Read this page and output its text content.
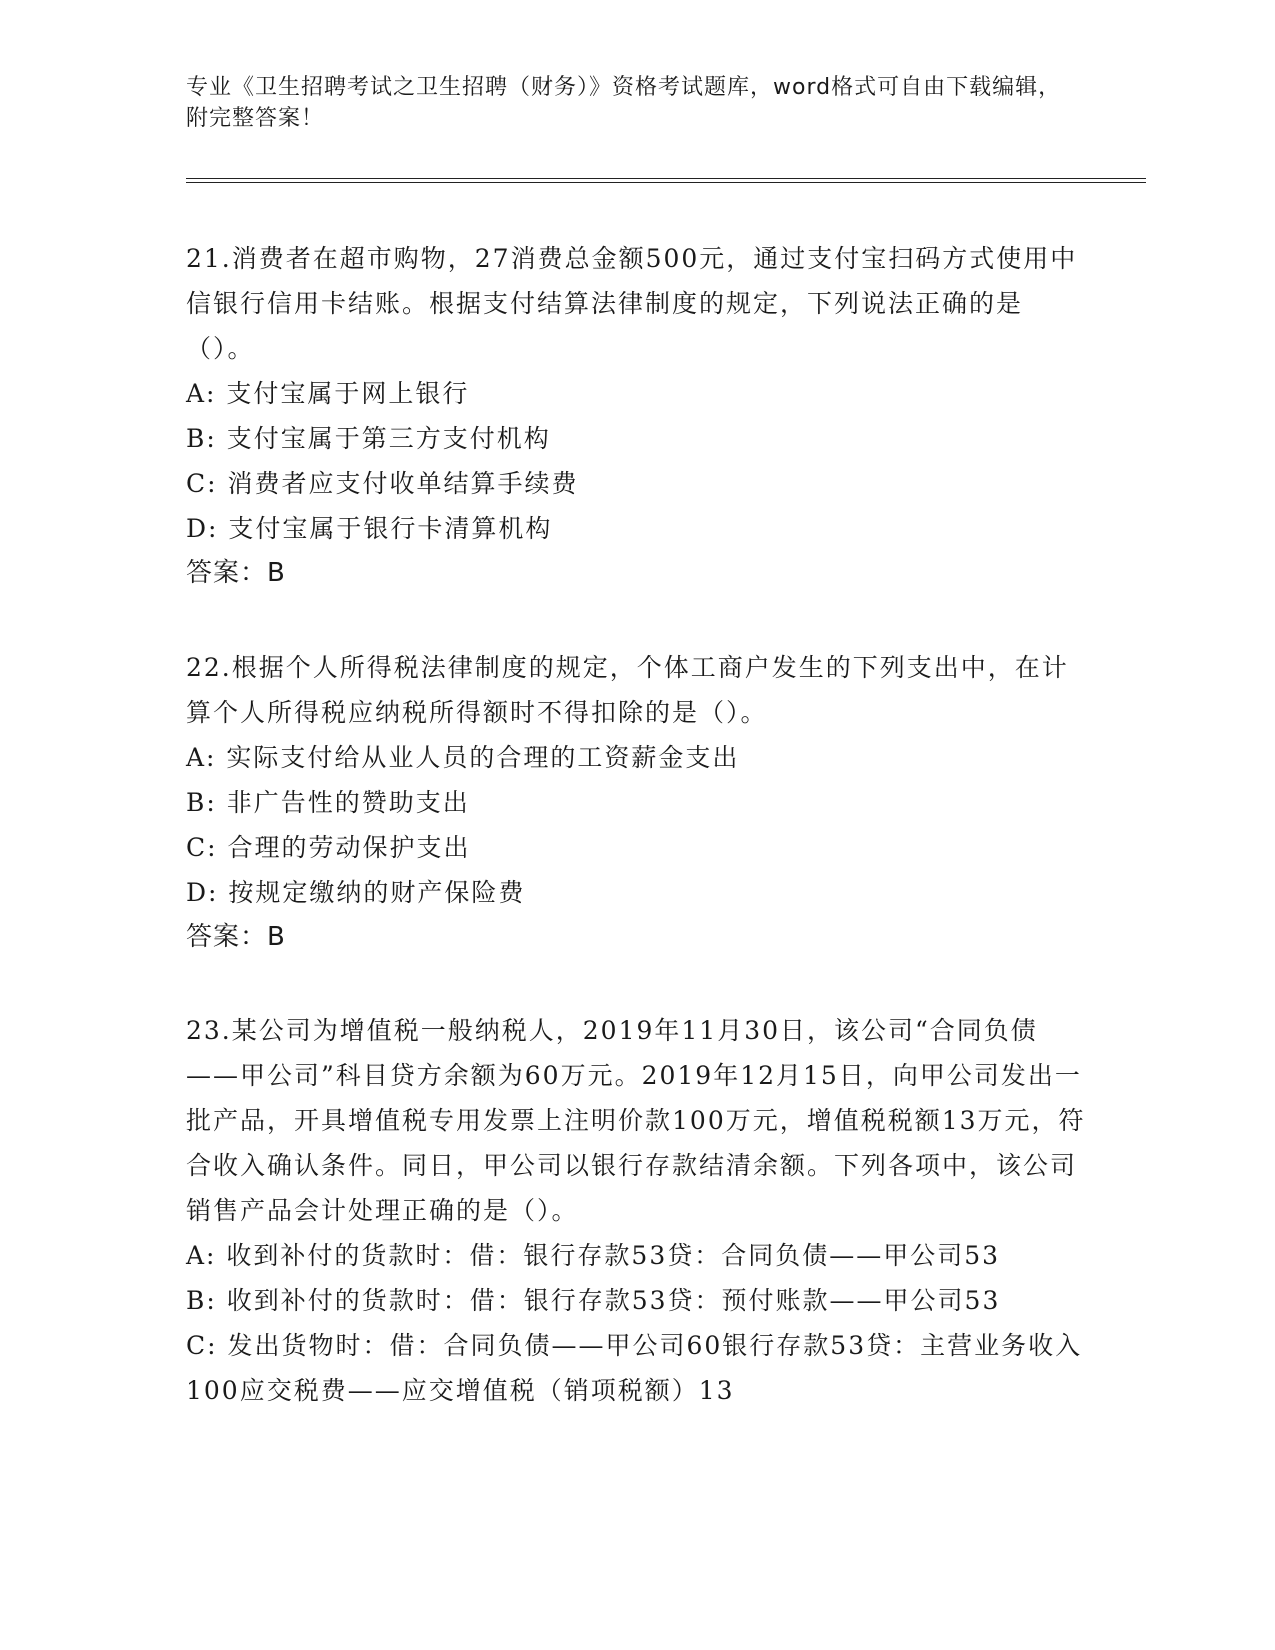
专业《卫生招聘考试之卫生招聘（财务）》资格考试题库，word格式可自由下载编辑，附完整答案！

21.消费者在超市购物，27消费总金额500元，通过支付宝扫码方式使用中信银行信用卡结账。根据支付结算法律制度的规定，下列说法正确的是（）。

A: 支付宝属于网上银行
B: 支付宝属于第三方支付机构
C: 消费者应支付收单结算手续费
D: 支付宝属于银行卡清算机构
答案：B

22.根据个人所得税法律制度的规定，个体工商户发生的下列支出中，在计算个人所得税应纳税所得额时不得扣除的是（）。

A: 实际支付给从业人员的合理的工资薪金支出
B: 非广告性的赞助支出
C: 合理的劳动保护支出
D: 按规定缴纳的财产保险费
答案：B

23.某公司为增值税一般纳税人，2019年11月30日，该公司“合同负债——甲公司”科目贷方余额为60万元。2019年12月15日，向甲公司发出一批产品，开具增值税专用发票上注明价款100万元，增值税税额13万元，符合收入确认条件。同日，甲公司以银行存款结清余额。下列各项中，该公司销售产品会计处理正确的是（）。

A: 收到补付的货款时：借：银行存款53贷：合同负债——甲公司53
B: 收到补付的货款时：借：银行存款53贷：预付账款——甲公司53
C: 发出货物时：借：合同负债——甲公司60银行存款53贷：主营业务收入100应交税费——应交增值税（销项税额）13
